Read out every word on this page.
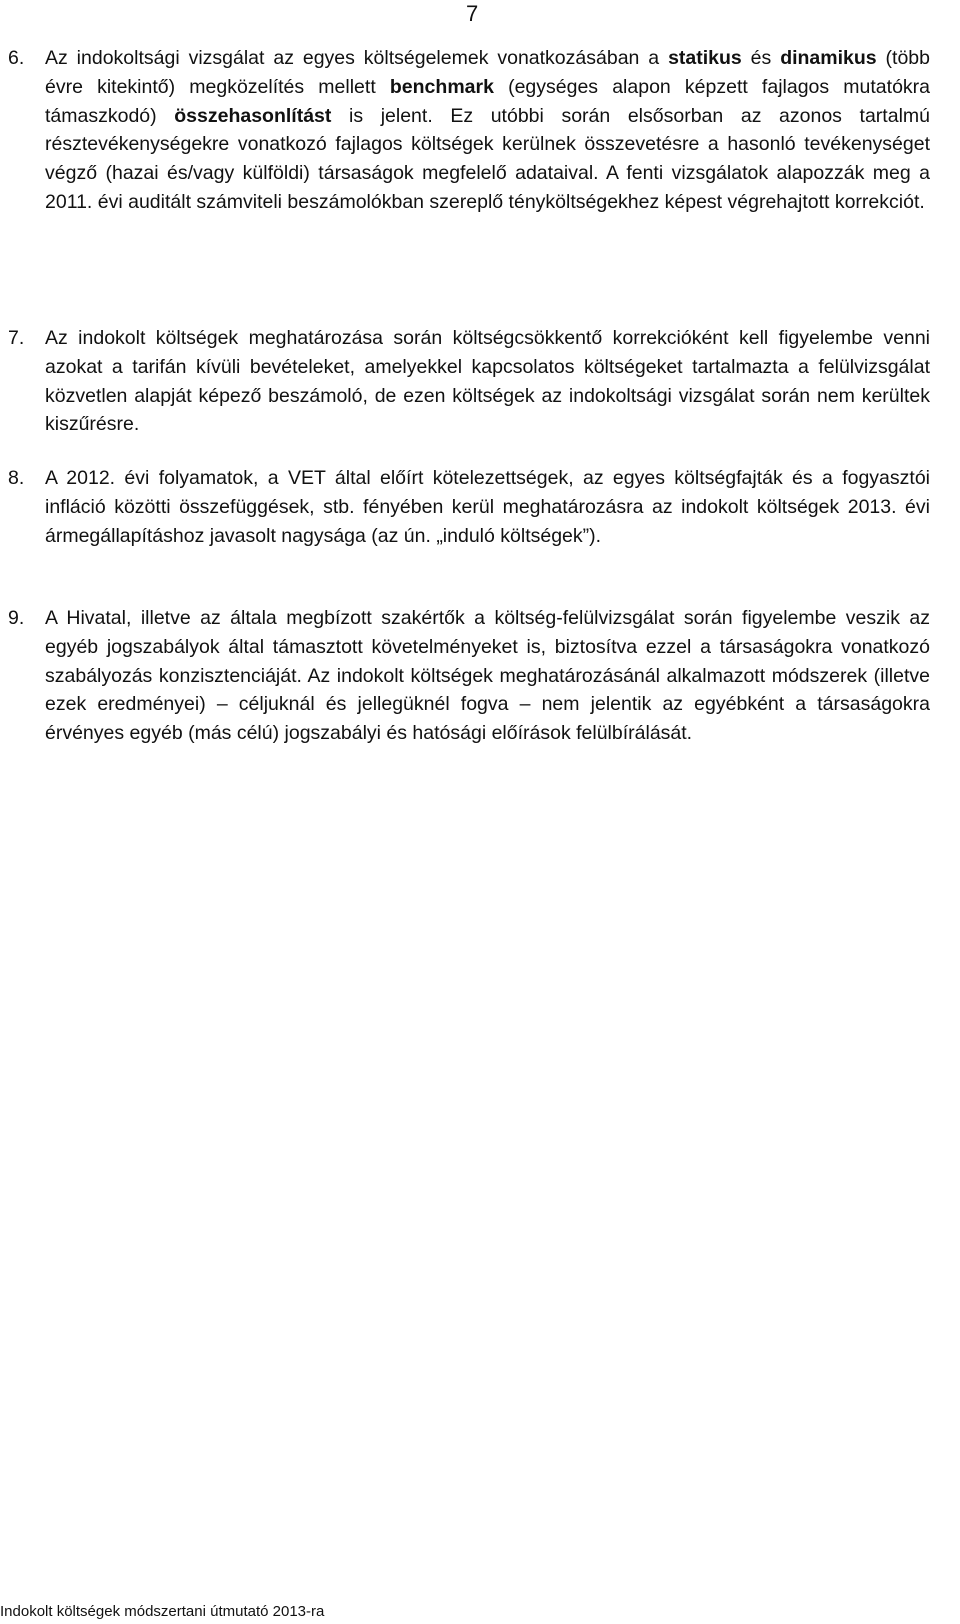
7
6. Az indokoltsági vizsgálat az egyes költségelemek vonatkozásában a statikus és dinamikus (több évre kitekintő) megközelítés mellett benchmark (egységes alapon képzett fajlagos mutatókra támaszkodó) összehasonlítást is jelent. Ez utóbbi során elsősorban az azonos tartalmú résztevékenységekre vonatkozó fajlagos költségek kerülnek összevetésre a hasonló tevékenységet végző (hazai és/vagy külföldi) társaságok megfelelő adataival. A fenti vizsgálatok alapozzák meg a 2011. évi auditált számviteli beszámolókban szereplő tényköltségekhez képest végrehajtott korrekciót.
7. Az indokolt költségek meghatározása során költségcsökkentő korrekcióként kell figyelembe venni azokat a tarifán kívüli bevételeket, amelyekkel kapcsolatos költségeket tartalmazta a felülvizsgálat közvetlen alapját képező beszámoló, de ezen költségek az indokoltsági vizsgálat során nem kerültek kiszűrésre.
8. A 2012. évi folyamatok, a VET által előírt kötelezettségek, az egyes költségfajták és a fogyasztói infláció közötti összefüggések, stb. fényében kerül meghatározásra az indokolt költségek 2013. évi ármegállapításhoz javasolt nagysága (az ún. „induló költségek”).
9. A Hivatal, illetve az általa megbízott szakértők a költség-felülvizsgálat során figyelembe veszik az egyéb jogszabályok által támasztott követelményeket is, biztosítva ezzel a társaságokra vonatkozó szabályozás konzisztenciáját. Az indokolt költségek meghatározásánál alkalmazott módszerek (illetve ezek eredményei) – céljuknál és jellegüknél fogva – nem jelentik az egyébként a társaságokra érvényes egyéb (más célú) jogszabályi és hatósági előírások felülbírálását.
Indokolt költségek módszertani útmutató 2013-ra
